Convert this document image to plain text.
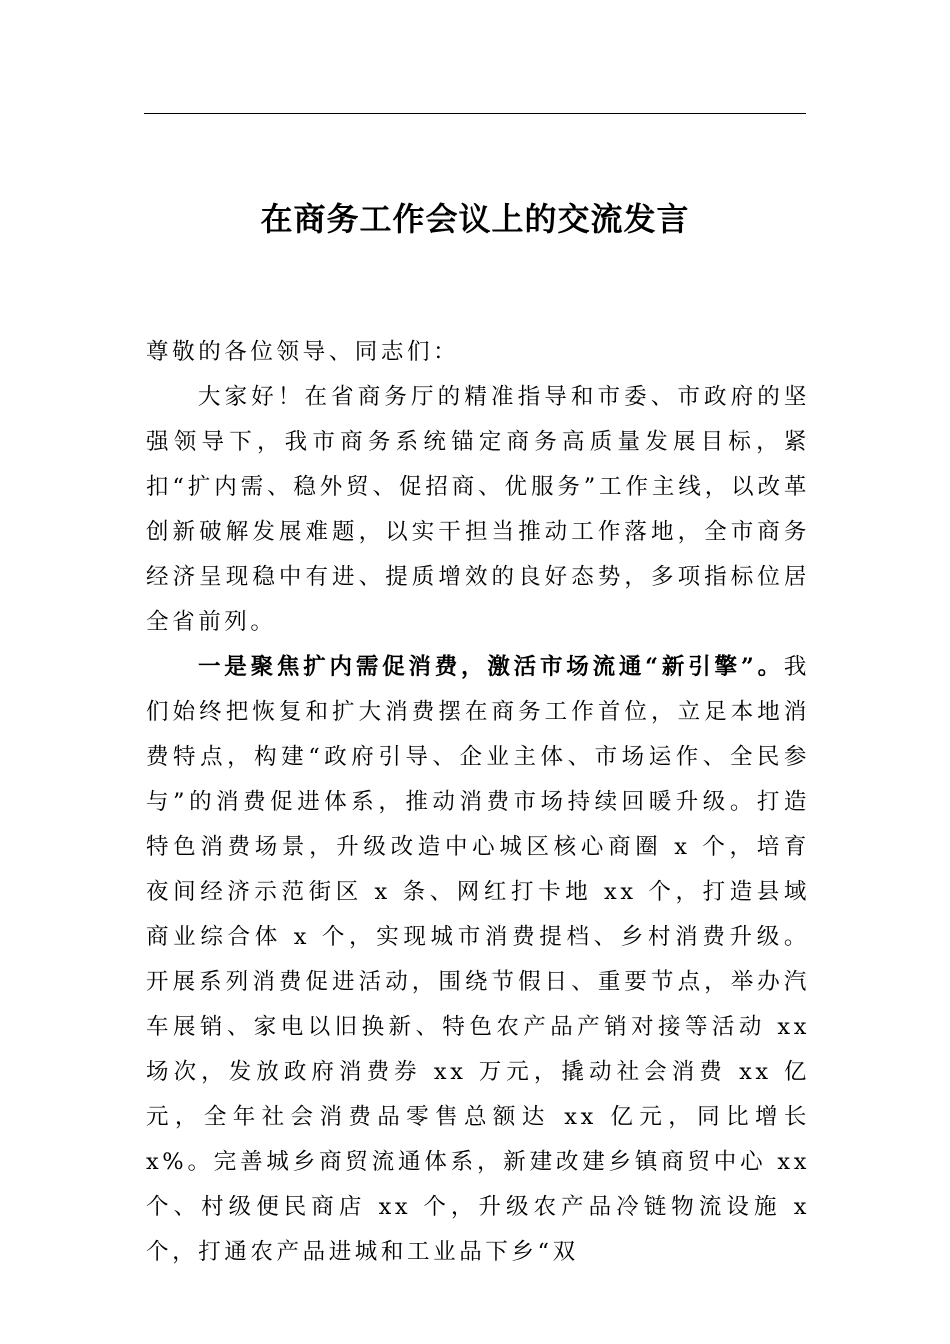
在商务工作会议上的交流发言

尊敬的各位领导、同志们：

大家好！在省商务厅的精准指导和市委、市政府的坚强领导下，我市商务系统锚定商务高质量发展目标，紧扣“扩内需、稳外贸、促招商、优服务”工作主线，以改革创新破解发展难题，以实干担当推动工作落地，全市商务经济呈现稳中有进、提质增效的良好态势，多项指标位居全省前列。

一是聚焦扩内需促消费，激活市场流通“新引擎”。我们始终把恢复和扩大消费摆在商务工作首位，立足本地消费特点，构建“政府引导、企业主体、市场运作、全民参与”的消费促进体系，推动消费市场持续回暖升级。打造特色消费场景，升级改造中心城区核心商圈 x 个，培育夜间经济示范街区 x 条、网红打卡地 xx 个，打造县域商业综合体 x 个，实现城市消费提档、乡村消费升级。开展系列消费促进活动，围绕节假日、重要节点，举办汽车展销、家电以旧换新、特色农产品产销对接等活动 xx 场次，发放政府消费券 xx 万元，撬动社会消费 xx 亿元，全年社会消费品零售总额达 xx 亿元，同比增长 x%。完善城乡商贸流通体系，新建改建乡镇商贸中心 xx 个、村级便民商店 xx 个，升级农产品冷链物流设施 x 个，打通农产品进城和工业品下乡“双
